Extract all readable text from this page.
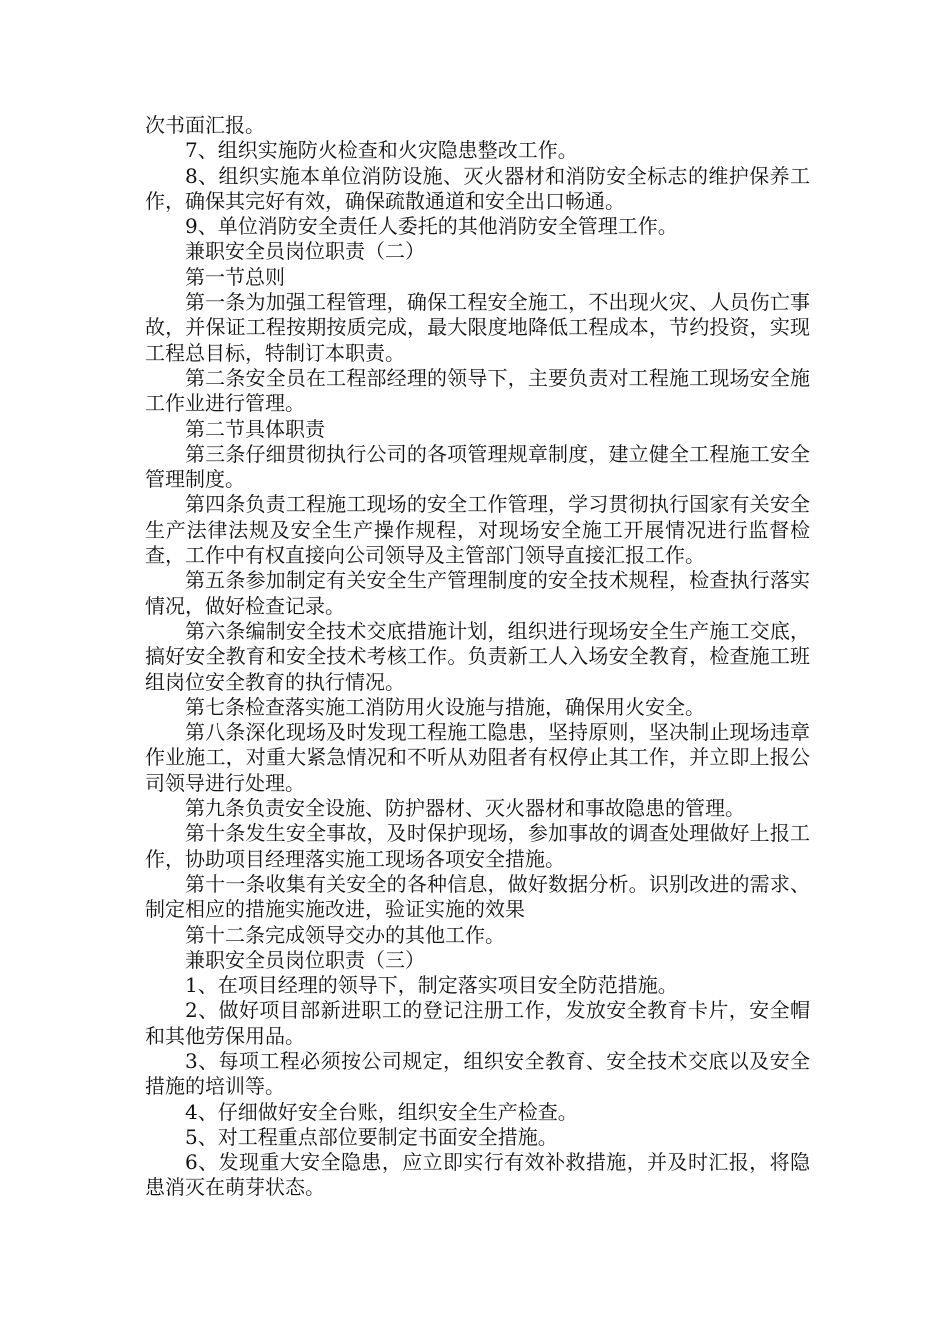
次书面汇报。

7、组织实施防火检查和火灾隐患整改工作。

8、组织实施本单位消防设施、灭火器材和消防安全标志的维护保养工作，确保其完好有效，确保疏散通道和安全出口畅通。

9、单位消防安全责任人委托的其他消防安全管理工作。

兼职安全员岗位职责（二）

第一节总则

第一条为加强工程管理，确保工程安全施工，不出现火灾、人员伤亡事故，并保证工程按期按质完成，最大限度地降低工程成本，节约投资，实现工程总目标，特制订本职责。

第二条安全员在工程部经理的领导下，主要负责对工程施工现场安全施工作业进行管理。

第二节具体职责

第三条仔细贯彻执行公司的各项管理规章制度，建立健全工程施工安全管理制度。

第四条负责工程施工现场的安全工作管理，学习贯彻执行国家有关安全生产法律法规及安全生产操作规程，对现场安全施工开展情况进行监督检查，工作中有权直接向公司领导及主管部门领导直接汇报工作。

第五条参加制定有关安全生产管理制度的安全技术规程，检查执行落实情况，做好检查记录。

第六条编制安全技术交底措施计划，组织进行现场安全生产施工交底，搞好安全教育和安全技术考核工作。负责新工人入场安全教育，检查施工班组岗位安全教育的执行情况。

第七条检查落实施工消防用火设施与措施，确保用火安全。

第八条深化现场及时发现工程施工隐患，坚持原则，坚决制止现场违章作业施工，对重大紧急情况和不听从劝阻者有权停止其工作，并立即上报公司领导进行处理。

第九条负责安全设施、防护器材、灭火器材和事故隐患的管理。

第十条发生安全事故，及时保护现场，参加事故的调查处理做好上报工作，协助项目经理落实施工现场各项安全措施。

第十一条收集有关安全的各种信息，做好数据分析。识别改进的需求、制定相应的措施实施改进，验证实施的效果

第十二条完成领导交办的其他工作。

兼职安全员岗位职责（三）

1、在项目经理的领导下，制定落实项目安全防范措施。

2、做好项目部新进职工的登记注册工作，发放安全教育卡片，安全帽和其他劳保用品。

3、每项工程必须按公司规定，组织安全教育、安全技术交底以及安全措施的培训等。

4、仔细做好安全台账，组织安全生产检查。

5、对工程重点部位要制定书面安全措施。

6、发现重大安全隐患，应立即实行有效补救措施，并及时汇报，将隐患消灭在萌芽状态。
